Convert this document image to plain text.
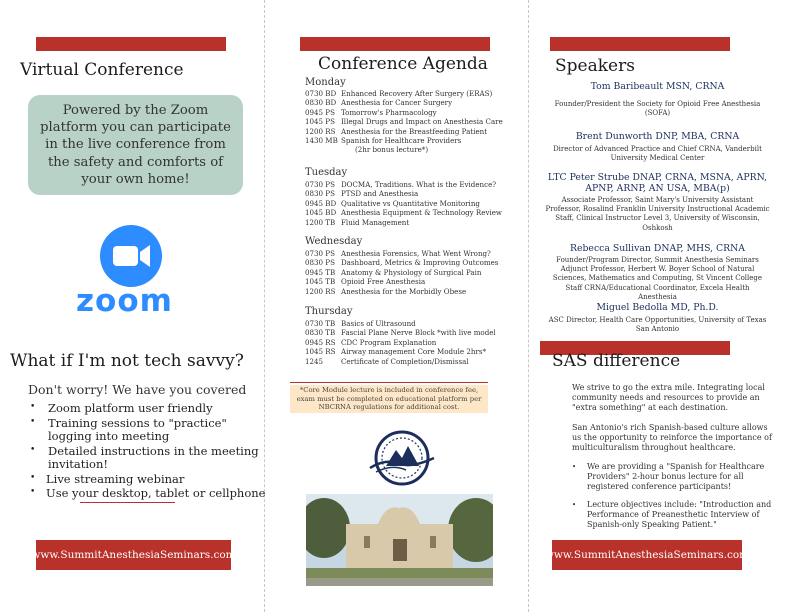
Virtual Conference
Powered by the Zoom platform you can participate in the live conference from the safety and comforts of your own home!
zoom
What if I'm not tech savvy?
Don't worry! We have you covered
• Zoom platform user friendly
• Training sessions to "practice" logging into meeting
• Detailed instructions in the meeting invitation!
• Live streaming webinar
• Use your desktop, tablet or cellphone
www.SummitAnesthesiaSeminars.com
Conference Agenda
Monday
0730 BD Enhanced Recovery After Surgery (ERAS)
0830 BD Anesthesia for Cancer Surgery
0945 PS Tomorrow's Pharmacology
1045 PS Illegal Drugs and Impact on Anesthesia Care
1200 RS Anesthesia for the Breastfeeding Patient
1430 MB Spanish for Healthcare Providers
(2hr bonus lecture*)
Tuesday
0730 PS DOCMA, Traditions. What is the Evidence?
0830 PS PTSD and Anesthesia
0945 BD Qualitative vs Quantitative Monitoring
1045 BD Anesthesia Equipment & Technology Review
1200 TB Fluid Management
Wednesday
0730 PS Anesthesia Forensics, What Went Wrong?
0830 PS Dashboard, Metrics & Improving Outcomes
0945 TB Anatomy & Physiology of Surgical Pain
1045 TB Opioid Free Anesthesia
1200 RS Anesthesia for the Morbidly Obese
Thursday
0730 TB Basics of Ultrasound
0830 TB Fascial Plane Nerve Block *with live model
0945 RS CDC Program Explanation
1045 RS Airway management Core Module 2hrs*
1245	Certificate of Completion/Dismissal
*Core Module lecture is included in conference fee, exam must be completed on educational platform per NBCRNA regulations for additional cost.
Speakers
Tom Baribeault MSN, CRNA
Founder/President the Society for Opioid Free Anesthesia (SOFA)
Brent Dunworth DNP, MBA, CRNA
Director of Advanced Practice and Chief CRNA, Vanderbilt University Medical Center
LTC Peter Strube DNAP, CRNA, MSNA, APRN, APNP, ARNP, AN USA, MBA(p)
Associate Professor, Saint Mary's University Assistant Professor, Rosalind Franklin University Instructional Academic Staff, Clinical Instructor Level 3, University of Wisconsin, Oshkosh
Rebecca Sullivan DNAP, MHS, CRNA
Founder/Program Director, Summit Anesthesia Seminars Adjunct Professor, Herbert W. Boyer School of Natural Sciences, Mathematics and Computing, St Vincent College Staff CRNA/Educational Coordinator, Excela Health Anesthesia
Miguel Bedolla MD, Ph.D.
ASC Director, Health Care Opportunities, University of Texas San Antonio
SAS difference
We strive to go the extra mile. Integrating local community needs and resources to provide an "extra something" at each destination.
San Antonio's rich Spanish-based culture allows us the opportunity to reinforce the importance of multiculturalism throughout healthcare.
• We are providing a "Spanish for Healthcare Providers" 2-hour bonus lecture for all registered conference participants!
• Lecture objectives include: "Introduction and Performance of Preanesthetic Interview of Spanish-only Speaking Patient."
www.SummitAnesthesiaSeminars.com
